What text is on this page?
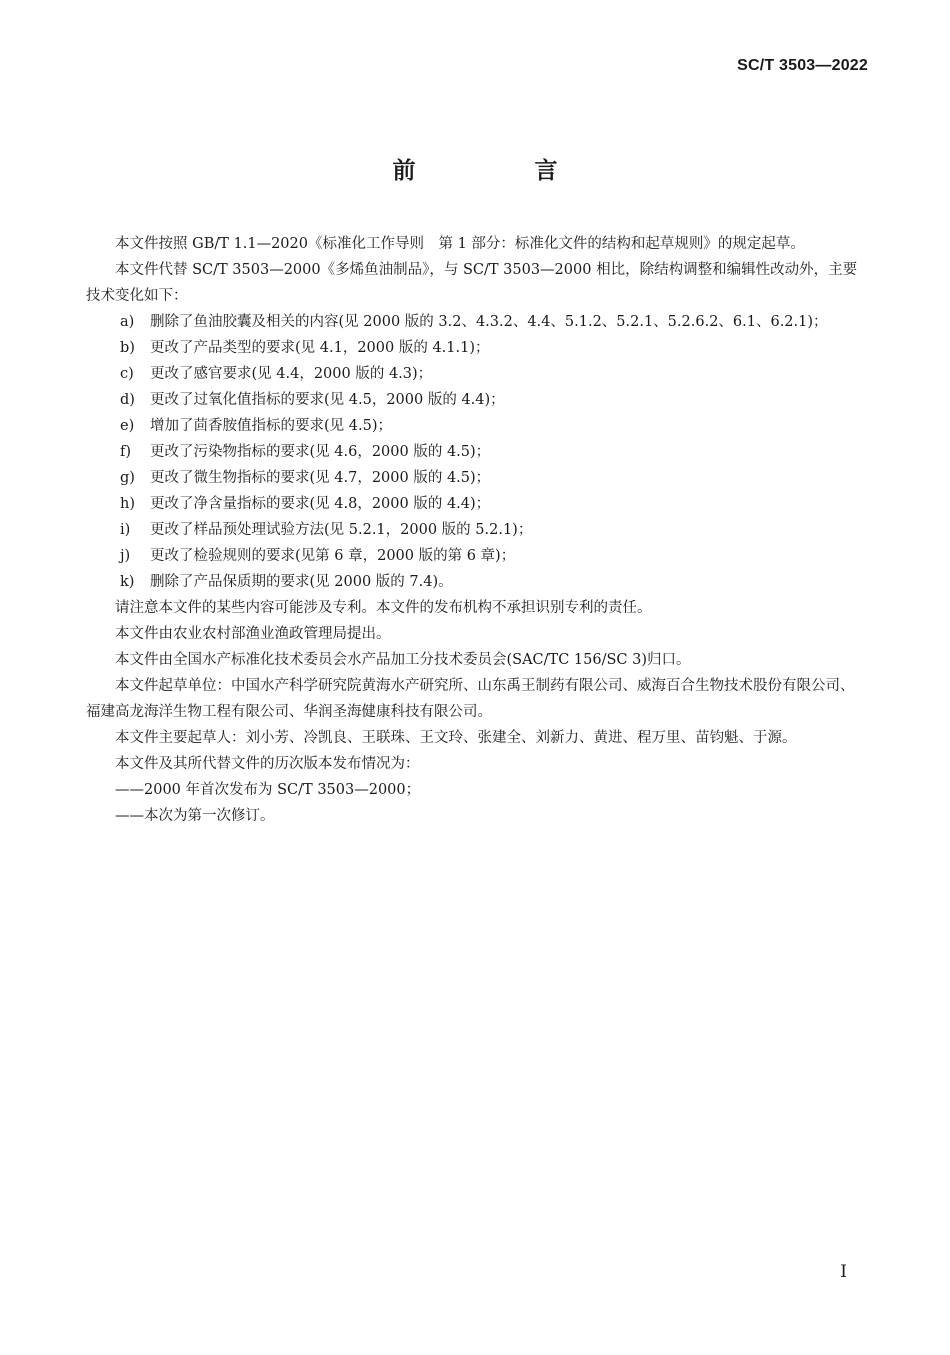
SC/T 3503—2022
前　言

本文件按照 GB/T 1.1—2020《标准化工作导则　第 1 部分：标准化文件的结构和起草规则》的规定起草。

本文件代替 SC/T 3503—2000《多烯鱼油制品》，与 SC/T 3503—2000 相比，除结构调整和编辑性改动外，主要技术变化如下：

a) 删除了鱼油胶囊及相关的内容(见 2000 版的 3.2、4.3.2、4.4、5.1.2、5.2.1、5.2.6.2、6.1、6.2.1)；

b) 更改了产品类型的要求(见 4.1，2000 版的 4.1.1)；

c) 更改了感官要求(见 4.4，2000 版的 4.3)；

d) 更改了过氧化值指标的要求(见 4.5，2000 版的 4.4)；

e) 增加了茴香胺值指标的要求(见 4.5)；

f) 更改了污染物指标的要求(见 4.6，2000 版的 4.5)；

g) 更改了微生物指标的要求(见 4.7，2000 版的 4.5)；

h) 更改了净含量指标的要求(见 4.8，2000 版的 4.4)；

i) 更改了样品预处理试验方法(见 5.2.1，2000 版的 5.2.1)；

j) 更改了检验规则的要求(见第 6 章，2000 版的第 6 章)；

k) 删除了产品保质期的要求(见 2000 版的 7.4)。

请注意本文件的某些内容可能涉及专利。本文件的发布机构不承担识别专利的责任。

本文件由农业农村部渔业渔政管理局提出。

本文件由全国水产标准化技术委员会水产品加工分技术委员会(SAC/TC 156/SC 3)归口。

本文件起草单位：中国水产科学研究院黄海水产研究所、山东禹王制药有限公司、威海百合生物技术股份有限公司、福建高龙海洋生物工程有限公司、华润圣海健康科技有限公司。

本文件主要起草人：刘小芳、冷凯良、王联珠、王文玲、张建全、刘新力、黄进、程万里、苗钧魁、于源。

本文件及其所代替文件的历次版本发布情况为：

——2000 年首次发布为 SC/T 3503—2000；

——本次为第一次修订。

I
